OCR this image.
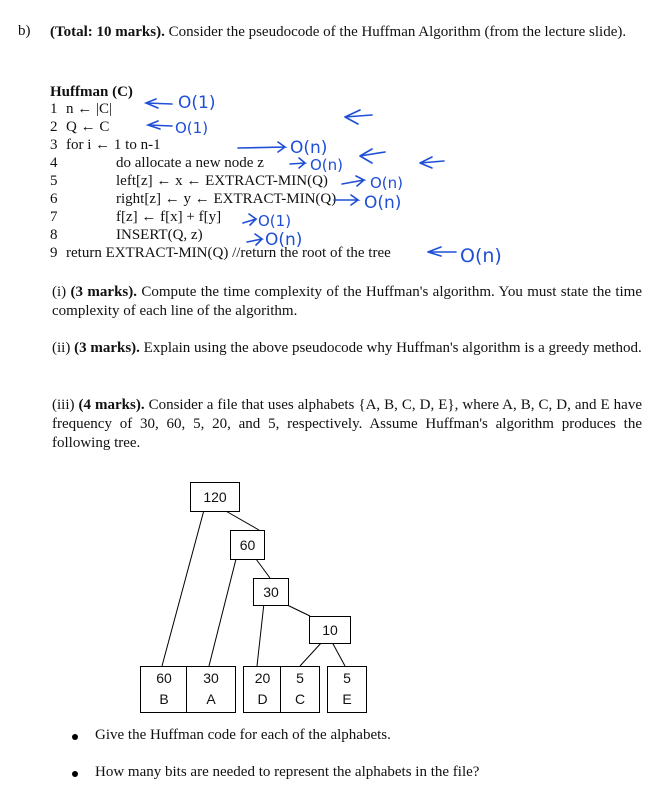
b) (Total: 10 marks). Consider the pseudocode of the Huffman Algorithm (from the lecture slide).
Huffman (C)
1 n ← |C|
2 Q ← C
3 for i ← 1 to n-1
4	do allocate a new node z
5	left[z] ← x ← EXTRACT-MIN(Q)
6	right[z] ← y ← EXTRACT-MIN(Q)
7	f[z] ← f[x] + f[y]
8	INSERT(Q, z)
9 return EXTRACT-MIN(Q) //return the root of the tree
O(1)
O(1)
O(n)
O(n)
O(n)
O(n)
O(1)
O(n)
O(n)
(i) (3 marks). Compute the time complexity of the Huffman's algorithm. You must state the time complexity of each line of the algorithm.
(ii) (3 marks). Explain using the above pseudocode why Huffman's algorithm is a greedy method.
(iii) (4 marks). Consider a file that uses alphabets {A, B, C, D, E}, where A, B, C, D, and E have frequency of 30, 60, 5, 20, and 5, respectively. Assume Huffman's algorithm produces the following tree.
120
60
30
10
60
B
30
A
20
D
5
C
5
E
Give the Huffman code for each of the alphabets.
How many bits are needed to represent the alphabets in the file?
